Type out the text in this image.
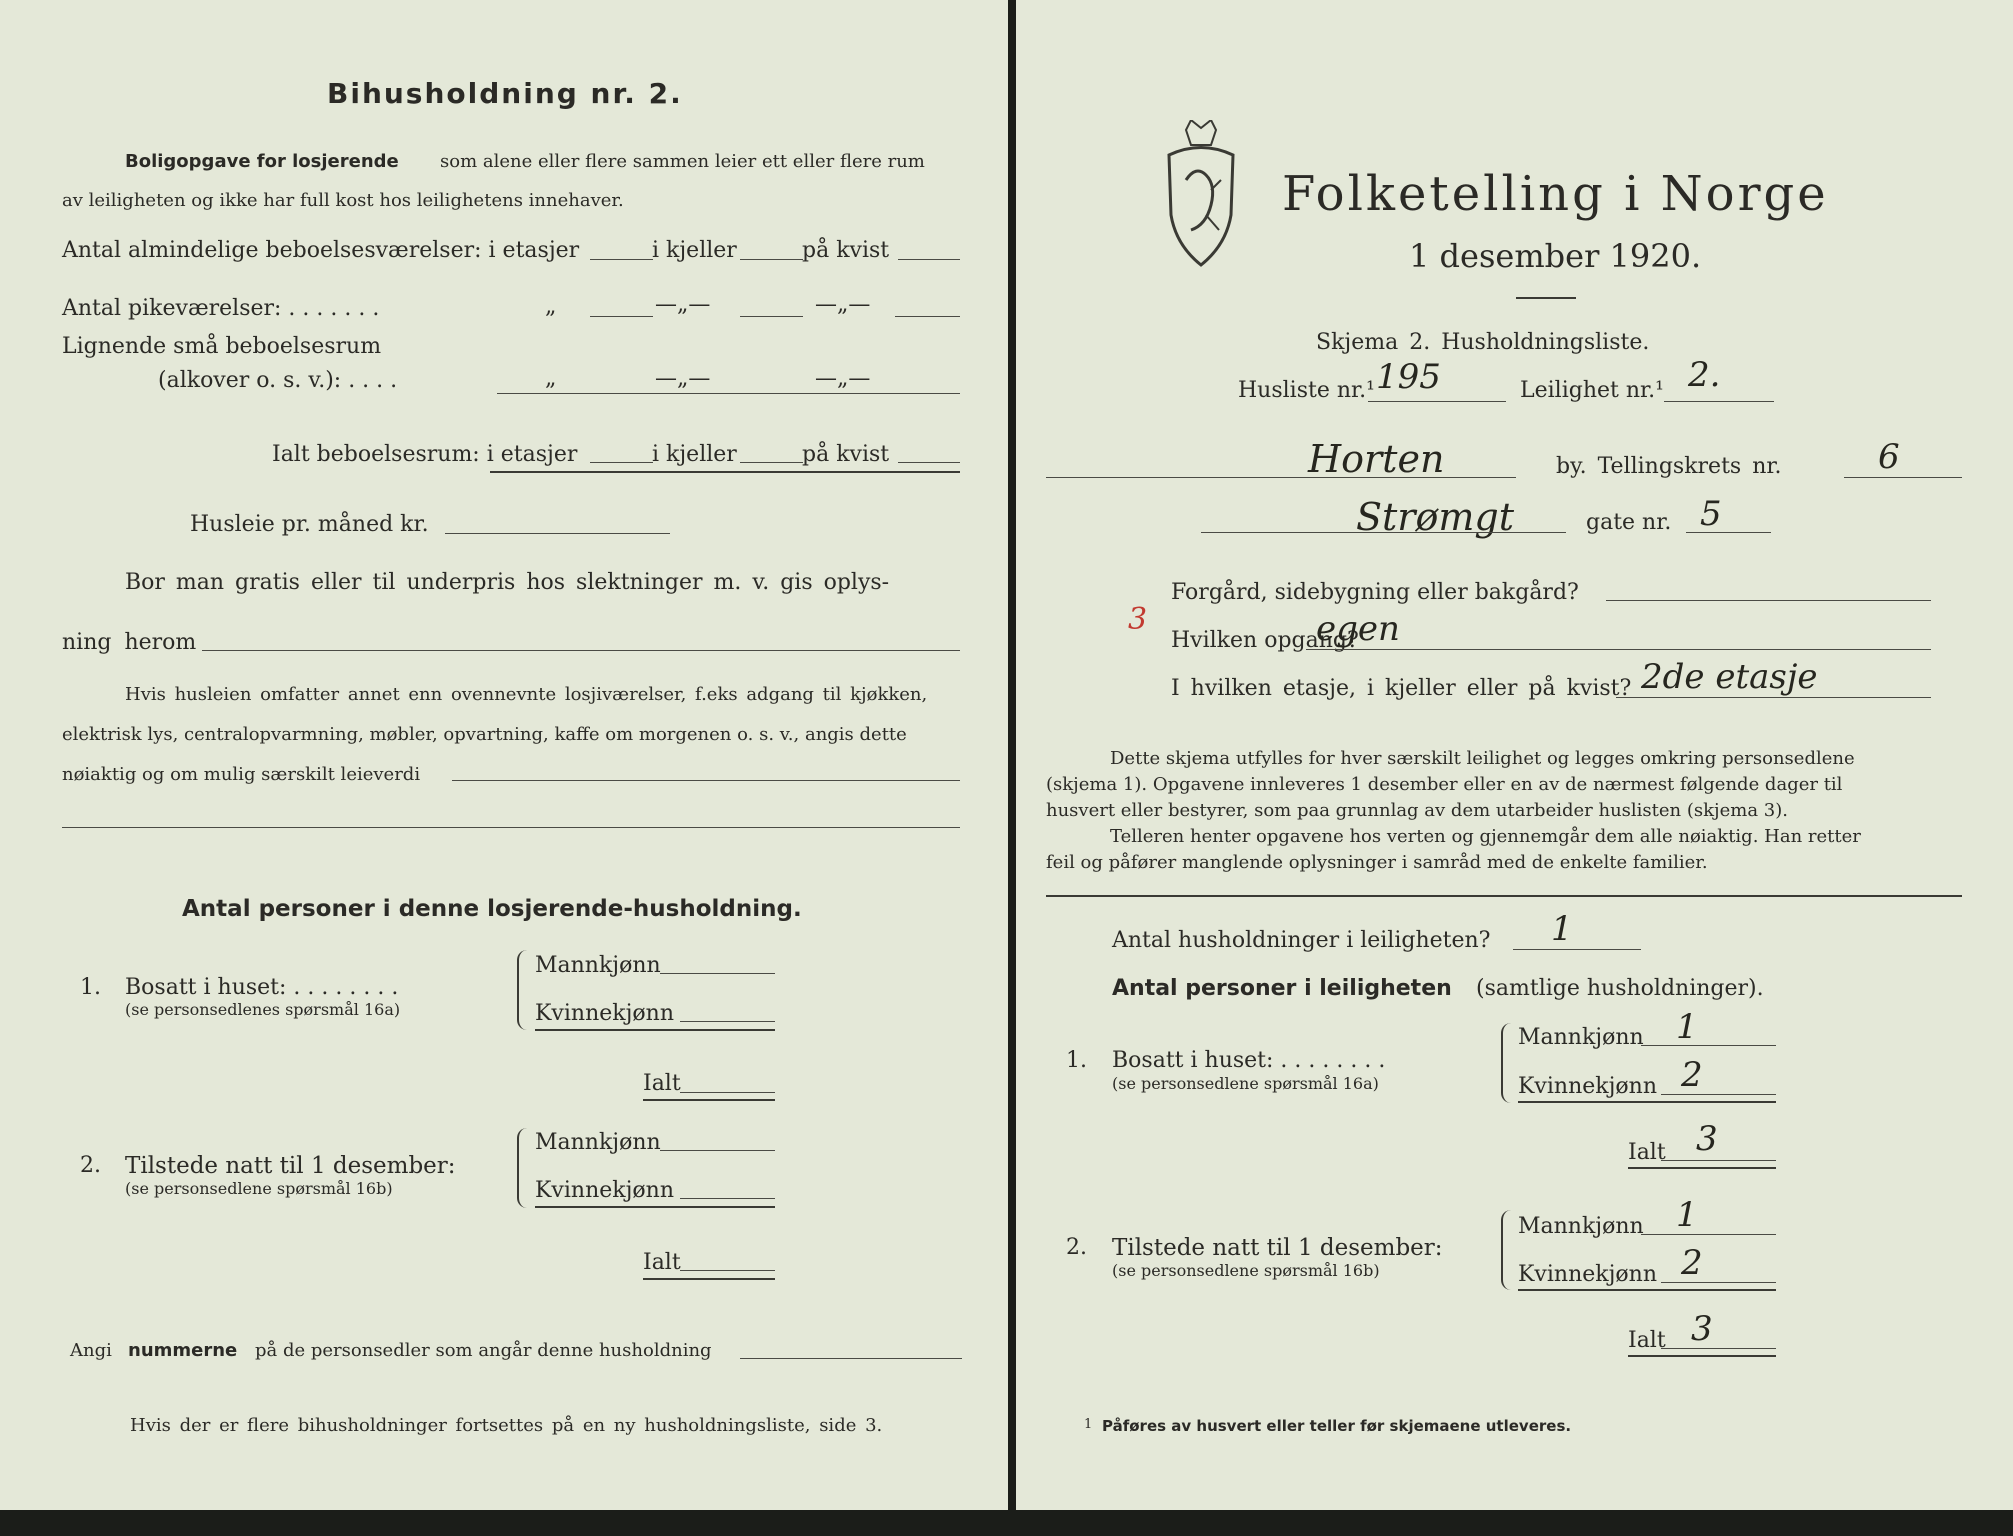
Bihusholdning nr. 2.
Boligopgave for losjerende som alene eller flere sammen leier ett eller flere rum
av leiligheten og ikke har full kost hos leilighetens innehaver.
Antal almindelige beboelsesværelser: i etasjer	i kjeller	på kvist
Antal pikeværelser: . . . . . . .	„	—„—	—„—
Lignende små beboelsesrum
(alkover o. s. v.): . . . .	„	—„—	—„—
Ialt beboelsesrum: i etasjer	i kjeller	på kvist
Husleie pr. måned kr.
Bor man gratis eller til underpris hos slektninger m. v. gis oplys-
ning herom
Hvis husleien omfatter annet enn ovennevnte losjiværelser, f.eks adgang til kjøkken,
elektrisk lys, centralopvarmning, møbler, opvartning, kaffe om morgenen o. s. v., angis dette
nøiaktig og om mulig særskilt leieverdi
Antal personer i denne losjerende-husholdning.
1. Bosatt i huset: . . . . . . . .
(se personsedlenes spørsmål 16a)
Mannkjønn
Kvinnekjønn
Ialt
2. Tilstede natt til 1 desember:
(se personsedlene spørsmål 16b)
Mannkjønn
Kvinnekjønn
Ialt
Angi nummerne på de personsedler som angår denne husholdning
Hvis der er flere bihusholdninger fortsettes på en ny husholdningsliste, side 3.
Folketelling i Norge
1 desember 1920.
Skjema 2. Husholdningsliste.
Husliste nr.¹ 195	Leilighet nr.¹ 2.
Horten	by. Tellingskrets nr.	6
Strømgt	gate nr. 5
Forgård, sidebygning eller bakgård?
3
Hvilken opgang?
egen
I hvilken etasje, i kjeller eller på kvist? 2de etasje
Dette skjema utfylles for hver særskilt leilighet og legges omkring personsedlene
(skjema 1). Opgavene innleveres 1 desember eller en av de nærmest følgende dager til
husvert eller bestyrer, som paa grunnlag av dem utarbeider huslisten (skjema 3).
Telleren henter opgavene hos verten og gjennemgår dem alle nøiaktig. Han retter
feil og påfører manglende oplysninger i samråd med de enkelte familier.
Antal husholdninger i leiligheten? 1
Antal personer i leiligheten (samtlige husholdninger).
1. Bosatt i huset: . . . . . . . .
(se personsedlene spørsmål 16a)
Mannkjønn 1
Kvinnekjønn 2
Ialt 3
2. Tilstede natt til 1 desember:
(se personsedlene spørsmål 16b)
Mannkjønn 1
Kvinnekjønn 2
Ialt 3
1 Påføres av husvert eller teller før skjemaene utleveres.
